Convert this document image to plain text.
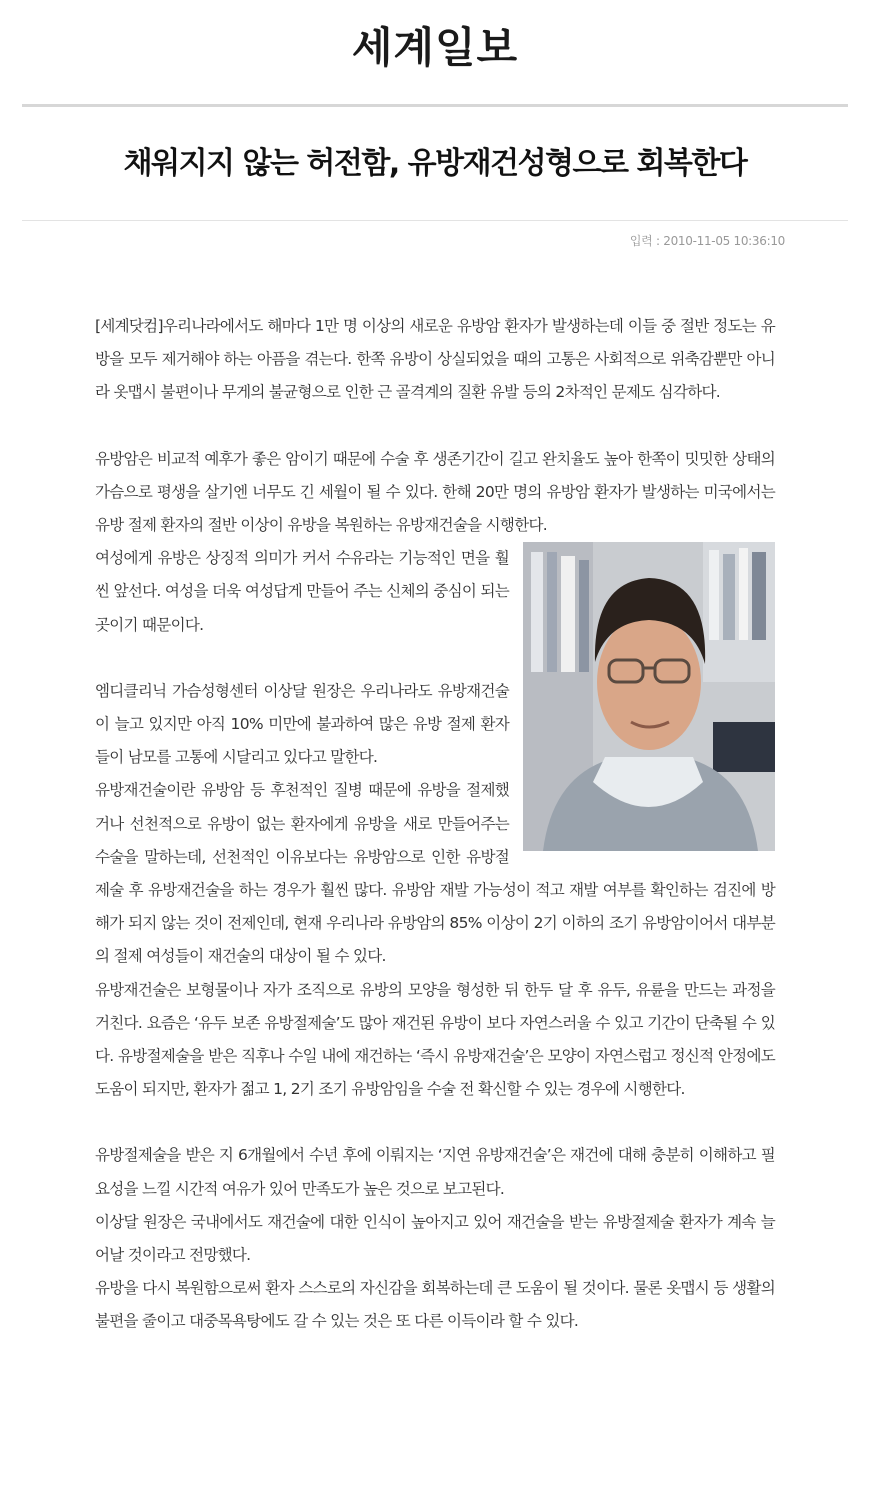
세계일보
채워지지 않는 허전함, 유방재건성형으로 회복한다
입력 : 2010-11-05 10:36:10

[세계닷컴]우리나라에서도 해마다 1만 명 이상의 새로운 유방암 환자가 발생하는데 이들 중 절반 정도는 유방을 모두 제거해야 하는 아픔을 겪는다. 한쪽 유방이 상실되었을 때의 고통은 사회적으로 위축감뿐만 아니라 옷맵시 불편이나 무게의 불균형으로 인한 근 골격계의 질환 유발 등의 2차적인 문제도 심각하다.

유방암은 비교적 예후가 좋은 암이기 때문에 수술 후 생존기간이 길고 완치율도 높아 한쪽이 밋밋한 상태의 가슴으로 평생을 살기엔 너무도 긴 세월이 될 수 있다. 한해 20만 명의 유방암 환자가 발생하는 미국에서는 유방 절제 환자의 절반 이상이 유방을 복원하는 유방재건술을 시행한다.

여성에게 유방은 상징적 의미가 커서 수유라는 기능적인 면을 훨씬 앞선다. 여성을 더욱 여성답게 만들어 주는 신체의 중심이 되는 곳이기 때문이다.

엠디클리닉 가슴성형센터 이상달 원장은 우리나라도 유방재건술이 늘고 있지만 아직 10% 미만에 불과하여 많은 유방 절제 환자들이 남모를 고통에 시달리고 있다고 말한다.

유방재건술이란 유방암 등 후천적인 질병 때문에 유방을 절제했거나 선천적으로 유방이 없는 환자에게 유방을 새로 만들어주는 수술을 말하는데, 선천적인 이유보다는 유방암으로 인한 유방절제술 후 유방재건술을 하는 경우가 훨씬 많다. 유방암 재발 가능성이 적고 재발 여부를 확인하는 검진에 방해가 되지 않는 것이 전제인데, 현재 우리나라 유방암의 85% 이상이 2기 이하의 조기 유방암이어서 대부분의 절제 여성들이 재건술의 대상이 될 수 있다.

유방재건술은 보형물이나 자가 조직으로 유방의 모양을 형성한 뒤 한두 달 후 유두, 유륜을 만드는 과정을 거친다. 요즘은 ‘유두 보존 유방절제술’도 많아 재건된 유방이 보다 자연스러울 수 있고 기간이 단축될 수 있다. 유방절제술을 받은 직후나 수일 내에 재건하는 ‘즉시 유방재건술’은 모양이 자연스럽고 정신적 안정에도 도움이 되지만, 환자가 젊고 1, 2기 조기 유방암임을 수술 전 확신할 수 있는 경우에 시행한다.

유방절제술을 받은 지 6개월에서 수년 후에 이뤄지는 ‘지연 유방재건술’은 재건에 대해 충분히 이해하고 필요성을 느낄 시간적 여유가 있어 만족도가 높은 것으로 보고된다.

이상달 원장은 국내에서도 재건술에 대한 인식이 높아지고 있어 재건술을 받는 유방절제술 환자가 계속 늘어날 것이라고 전망했다.

유방을 다시 복원함으로써 환자 스스로의 자신감을 회복하는데 큰 도움이 될 것이다. 물론 옷맵시 등 생활의 불편을 줄이고 대중목욕탕에도 갈 수 있는 것은 또 다른 이득이라 할 수 있다.
